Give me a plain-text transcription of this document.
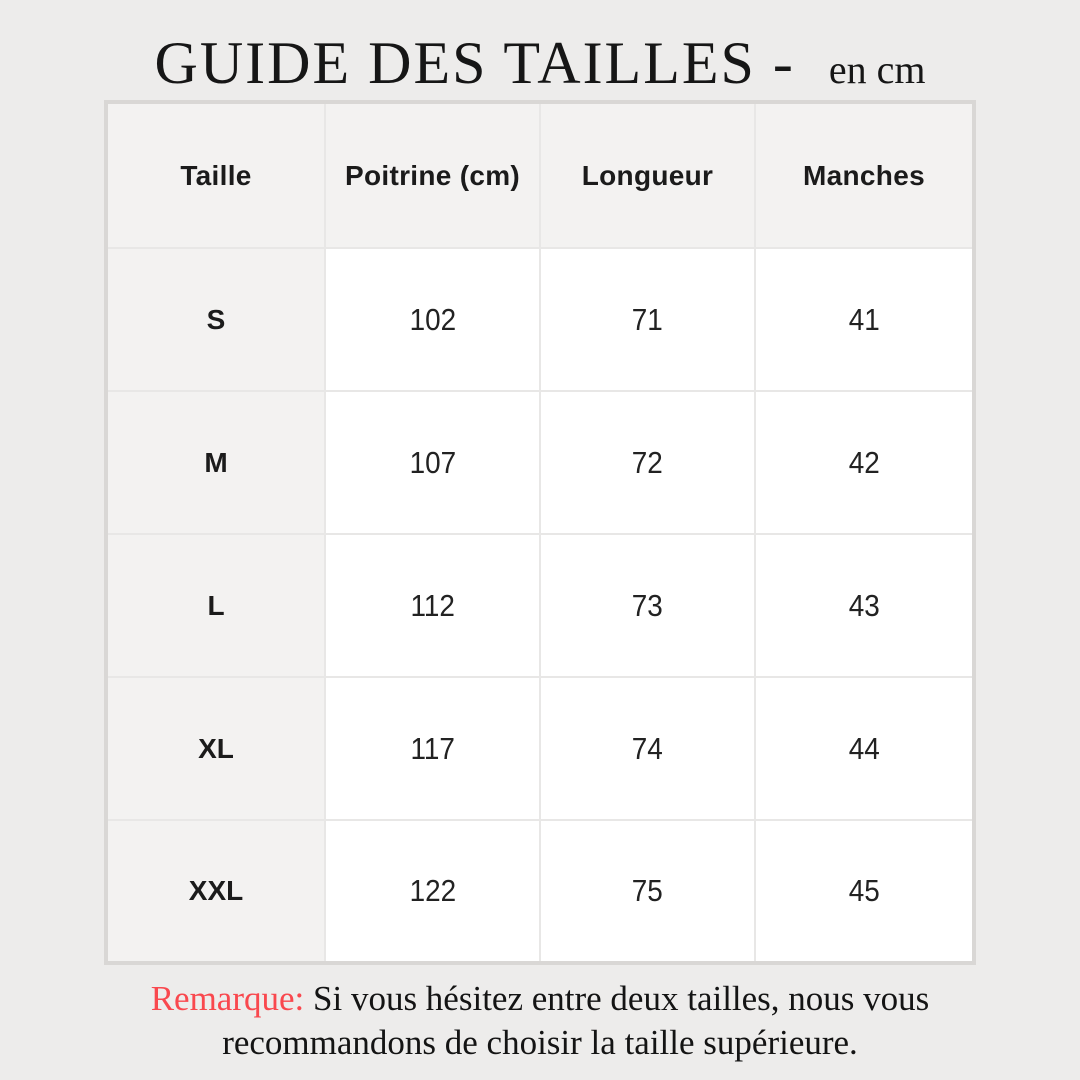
GUIDE DES TAILLES - en cm
Taille	Poitrine (cm)	Longueur	Manches
S	102	71	41
M	107	72	42
L	112	73	43
XL	117	74	44
XXL	122	75	45
Remarque: Si vous hésitez entre deux tailles, nous vous recommandons de choisir la taille supérieure.
